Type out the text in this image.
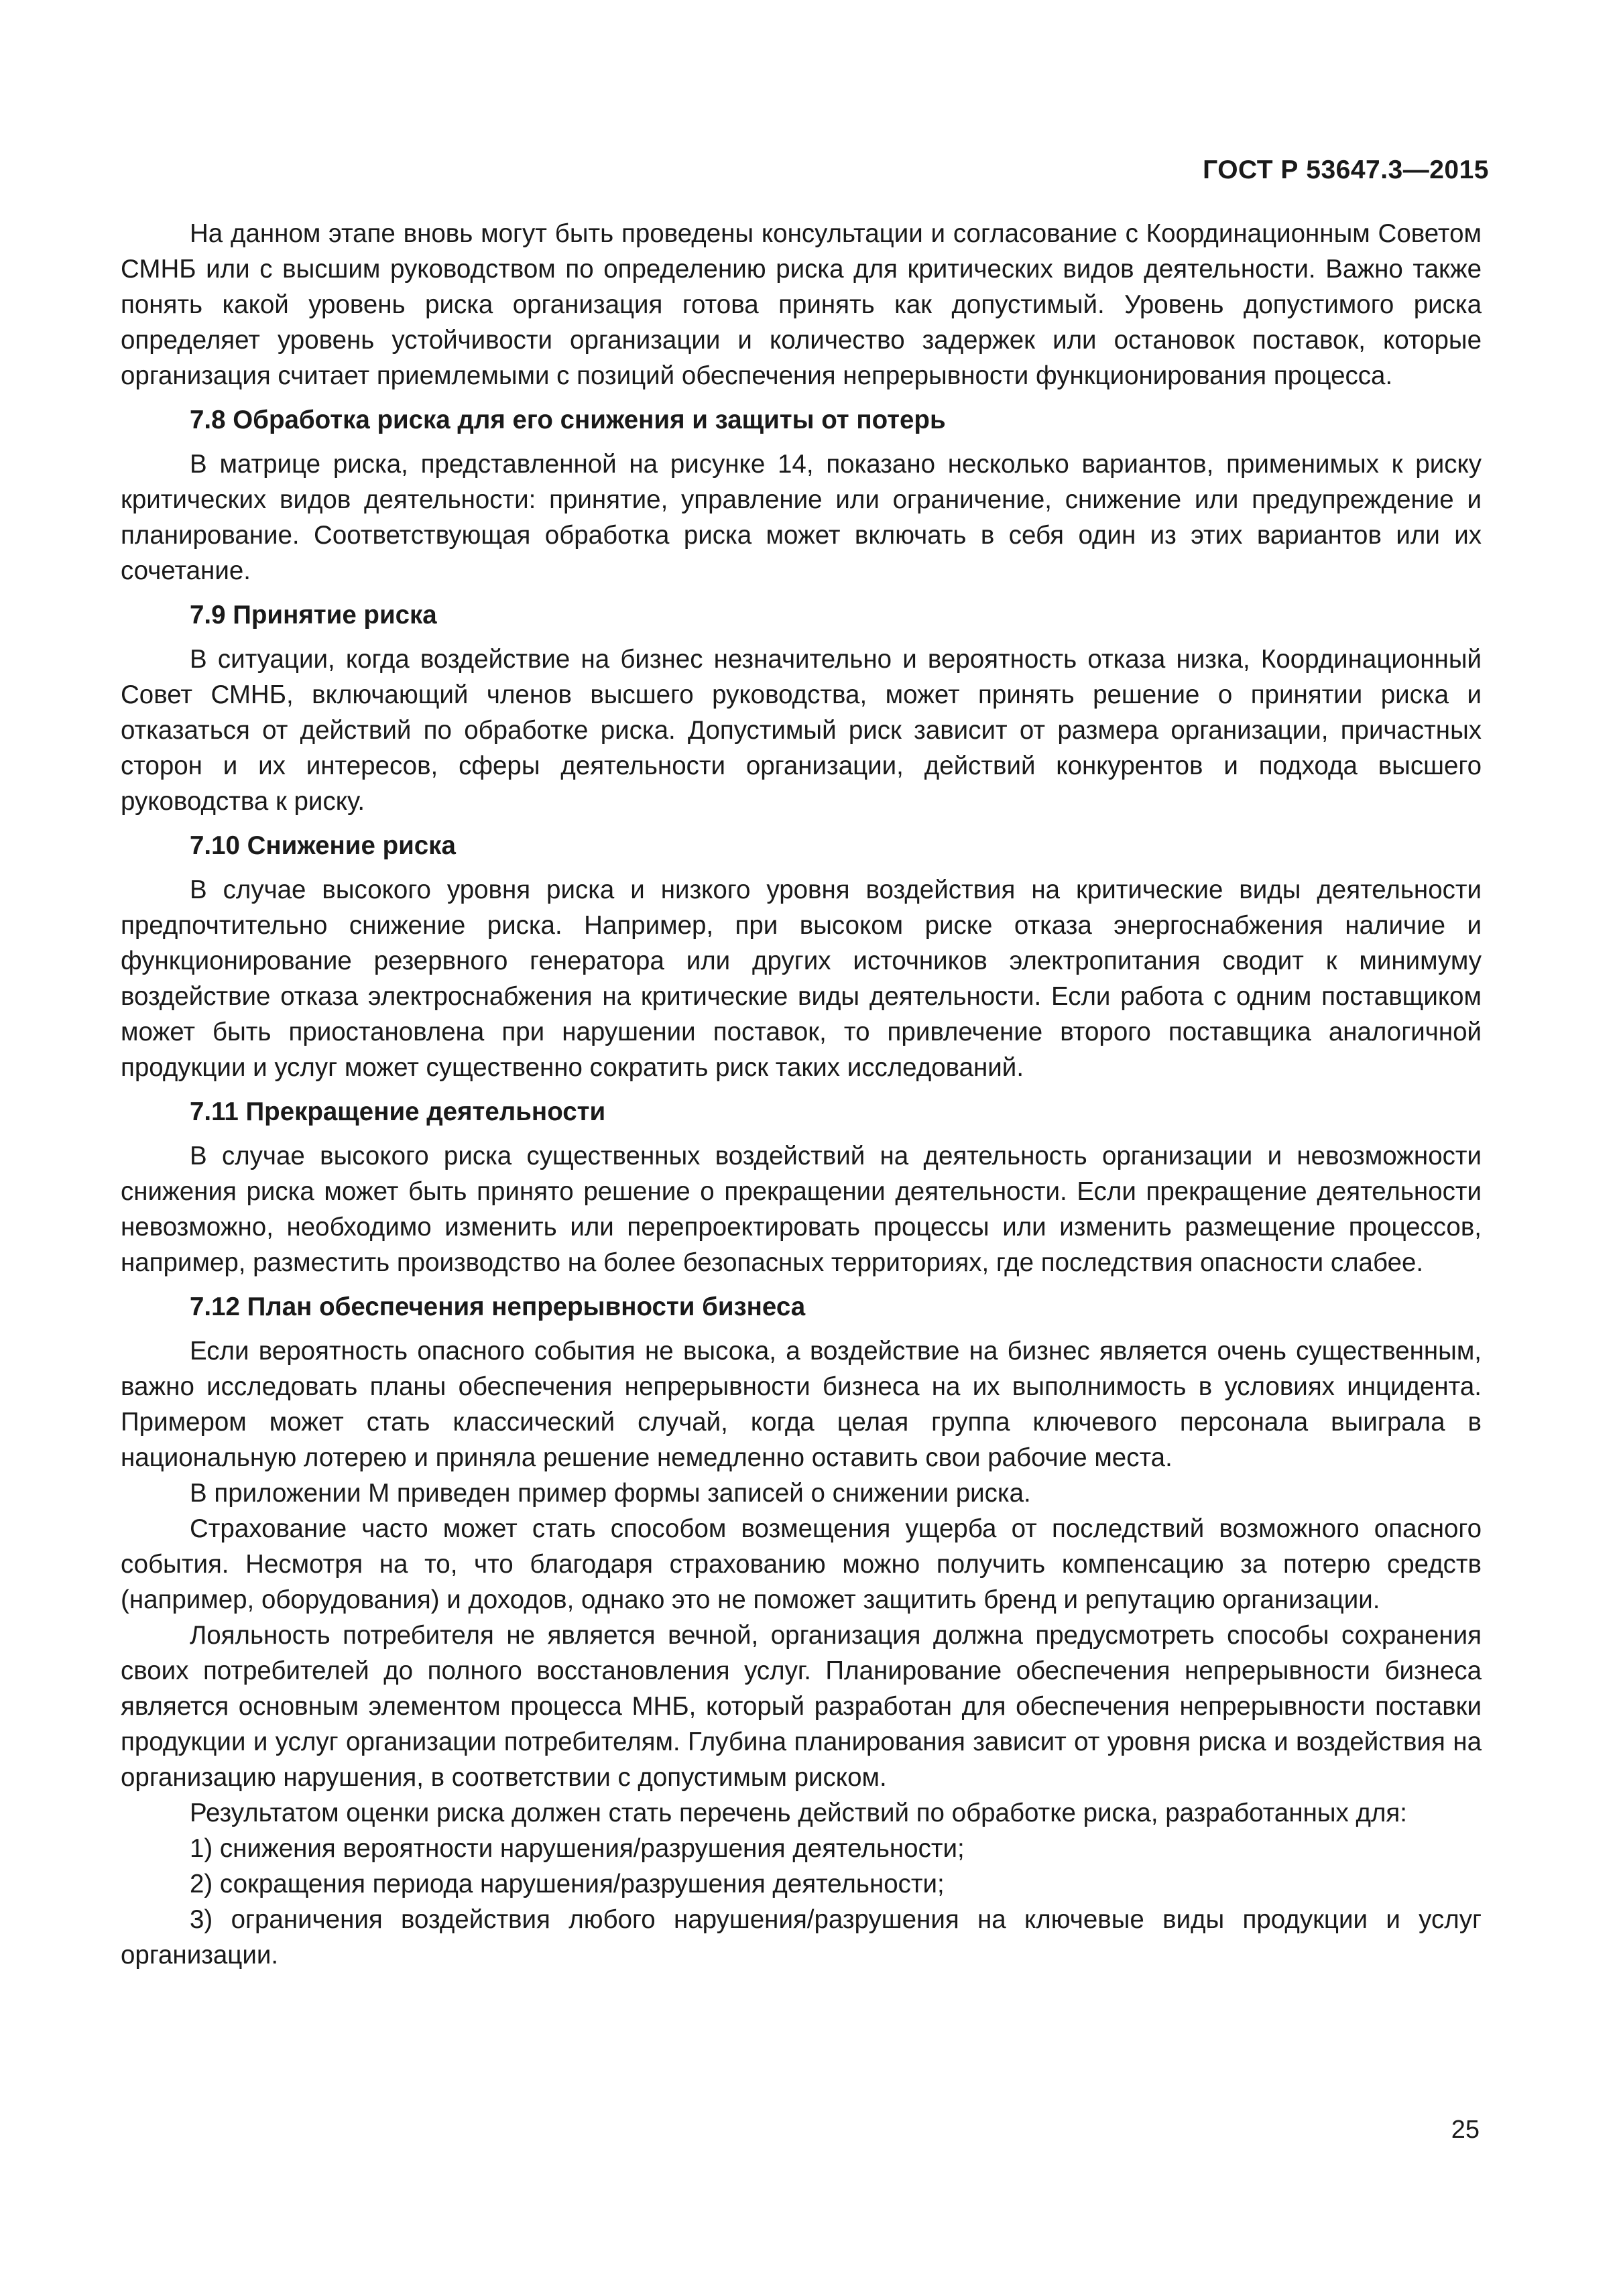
ГОСТ Р 53647.3—2015

На данном этапе вновь могут быть проведены консультации и согласование с Координационным Советом СМНБ или с высшим руководством по определению риска для критических видов деятельности. Важно также понять какой уровень риска организация готова принять как допустимый. Уровень допустимого риска определяет уровень устойчивости организации и количество задержек или остановок поставок, которые организация считает приемлемыми с позиций обеспечения непрерывности функционирования процесса.

7.8 Обработка риска для его снижения и защиты от потерь

В матрице риска, представленной на рисунке 14, показано несколько вариантов, применимых к риску критических видов деятельности: принятие, управление или ограничение, снижение или предупреждение и планирование. Соответствующая обработка риска может включать в себя один из этих вариантов или их сочетание.

7.9 Принятие риска

В ситуации, когда воздействие на бизнес незначительно и вероятность отказа низка, Координационный Совет СМНБ, включающий членов высшего руководства, может принять решение о принятии риска и отказаться от действий по обработке риска. Допустимый риск зависит от размера организации, причастных сторон и их интересов, сферы деятельности организации, действий конкурентов и подхода высшего руководства к риску.

7.10 Снижение риска

В случае высокого уровня риска и низкого уровня воздействия на критические виды деятельности предпочтительно снижение риска. Например, при высоком риске отказа энергоснабжения наличие и функционирование резервного генератора или других источников электропитания сводит к минимуму воздействие отказа электроснабжения на критические виды деятельности. Если работа с одним поставщиком может быть приостановлена при нарушении поставок, то привлечение второго поставщика аналогичной продукции и услуг может существенно сократить риск таких исследований.

7.11 Прекращение деятельности

В случае высокого риска существенных воздействий на деятельность организации и невозможности снижения риска может быть принято решение о прекращении деятельности. Если прекращение деятельности невозможно, необходимо изменить или перепроектировать процессы или изменить размещение процессов, например, разместить производство на более безопасных территориях, где последствия опасности слабее.

7.12 План обеспечения непрерывности бизнеса

Если вероятность опасного события не высока, а воздействие на бизнес является очень существенным, важно исследовать планы обеспечения непрерывности бизнеса на их выполнимость в условиях инцидента. Примером может стать классический случай, когда целая группа ключевого персонала выиграла в национальную лотерею и приняла решение немедленно оставить свои рабочие места.

В приложении М приведен пример формы записей о снижении риска.

Страхование часто может стать способом возмещения ущерба от последствий возможного опасного события. Несмотря на то, что благодаря страхованию можно получить компенсацию за потерю средств (например, оборудования) и доходов, однако это не поможет защитить бренд и репутацию организации.

Лояльность потребителя не является вечной, организация должна предусмотреть способы сохранения своих потребителей до полного восстановления услуг. Планирование обеспечения непрерывности бизнеса является основным элементом процесса МНБ, который разработан для обеспечения непрерывности поставки продукции и услуг организации потребителям. Глубина планирования зависит от уровня риска и воздействия на организацию нарушения, в соответствии с допустимым риском.

Результатом оценки риска должен стать перечень действий по обработке риска, разработанных для:

1) снижения вероятности нарушения/разрушения деятельности;

2) сокращения периода нарушения/разрушения деятельности;

3) ограничения воздействия любого нарушения/разрушения на ключевые виды продукции и услуг организации.

25
